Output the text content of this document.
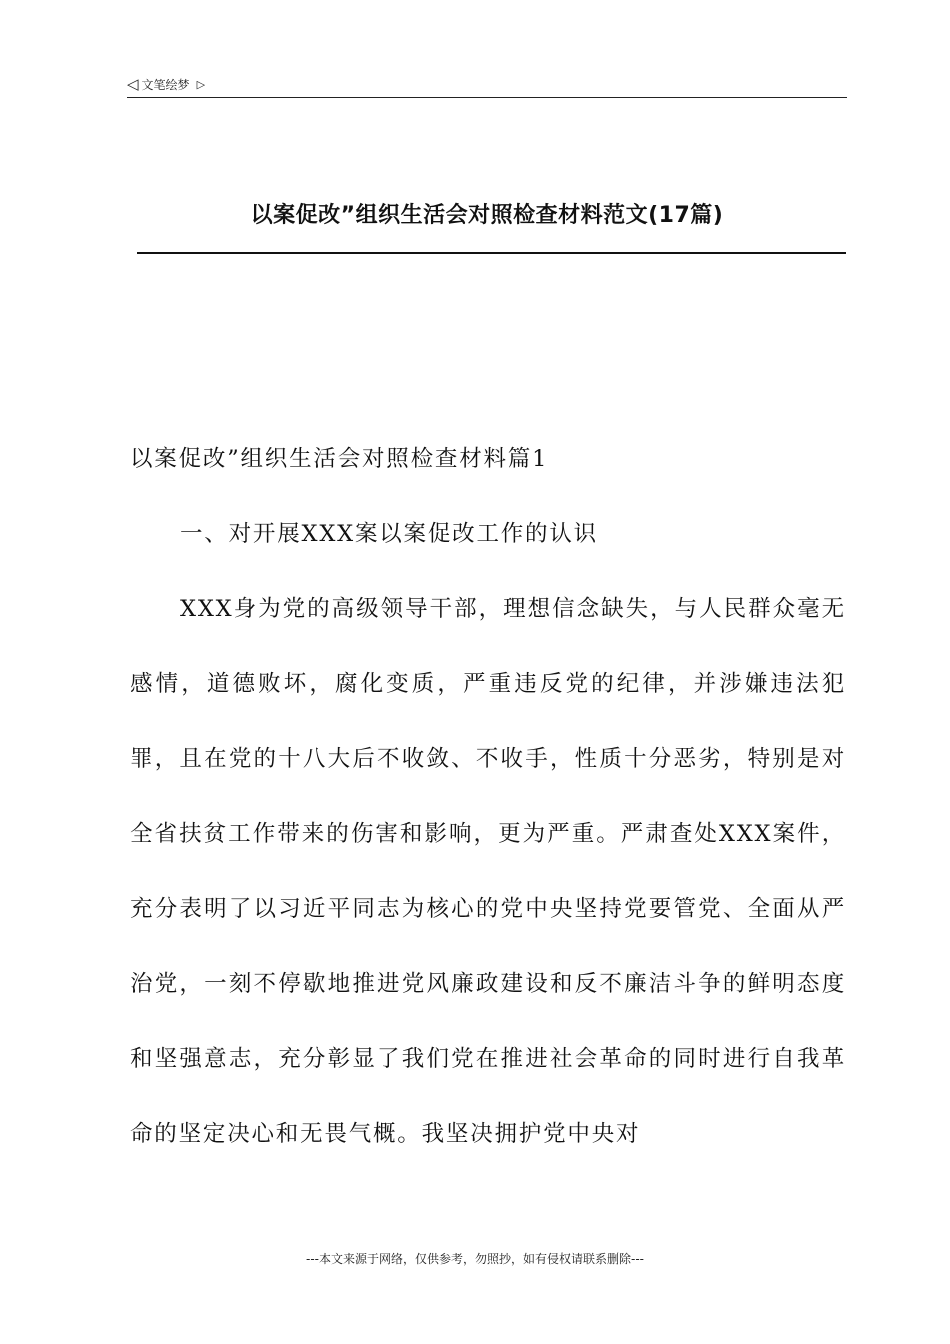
◁ 文笔绘梦 ▷
以案促改”组织生活会对照检查材料范文(17篇)

以案促改”组织生活会对照检查材料篇1

一、对开展XXX案以案促改工作的认识

XXX身为党的高级领导干部，理想信念缺失，与人民群众毫无感情，道德败坏，腐化变质，严重违反党的纪律，并涉嫌违法犯罪，且在党的十八大后不收敛、不收手，性质十分恶劣，特别是对全省扶贫工作带来的伤害和影响，更为严重。严肃查处XXX案件，充分表明了以习近平同志为核心的党中央坚持党要管党、全面从严治党，一刻不停歇地推进党风廉政建设和反不廉洁斗争的鲜明态度和坚强意志，充分彰显了我们党在推进社会革命的同时进行自我革命的坚定决心和无畏气概。我坚决拥护党中央对

---本文来源于网络，仅供参考，勿照抄，如有侵权请联系删除---
